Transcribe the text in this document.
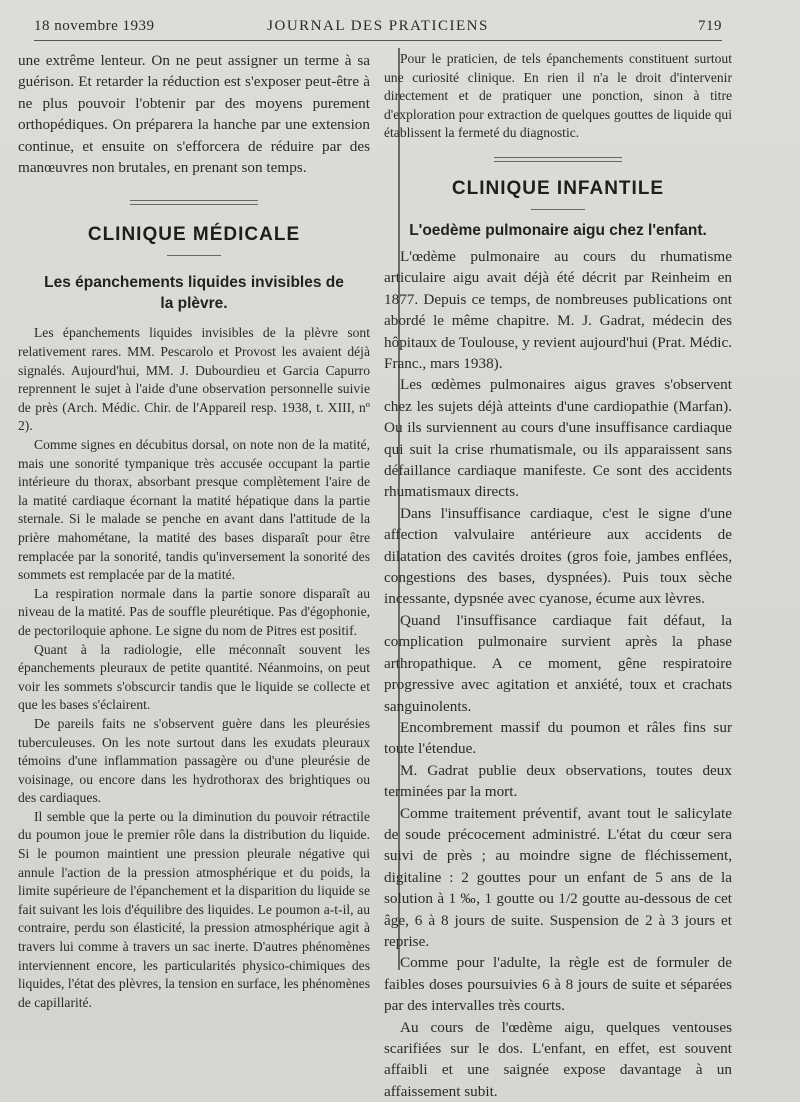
18 novembre 1939	JOURNAL DES PRATICIENS	719

une extrême lenteur. On ne peut assigner un terme à sa guérison. Et retarder la réduction est s'exposer peut-être à ne plus pouvoir l'obtenir par des moyens purement orthopédiques. On préparera la hanche par une extension continue, et ensuite on s'efforcera de réduire par des manœuvres non brutales, en prenant son temps.

CLINIQUE MÉDICALE
Les épanchements liquides invisibles de la plèvre.

Les épanchements liquides invisibles de la plèvre sont relativement rares. MM. Pescarolo et Provost les avaient déjà signalés. Aujourd'hui, MM. J. Dubourdieu et Garcia Capurro reprennent le sujet à l'aide d'une observation personnelle suivie de près (Arch. Médic. Chir. de l'Appareil resp. 1938, t. XIII, nº 2).

Comme signes en décubitus dorsal, on note non de la matité, mais une sonorité tympanique très accusée occupant la partie intérieure du thorax, absorbant presque complètement l'aire de la matité cardiaque écornant la matité hépatique dans la partie sternale. Si le malade se penche en avant dans l'attitude de la prière mahométane, la matité des bases disparaît pour être remplacée par la sonorité, tandis qu'inversement la sonorité des sommets est remplacée par de la matité.

La respiration normale dans la partie sonore disparaît au niveau de la matité. Pas de souffle pleurétique. Pas d'égophonie, de pectoriloquie aphone. Le signe du nom de Pitres est positif.

Quant à la radiologie, elle méconnaît souvent les épanchements pleuraux de petite quantité. Néanmoins, on peut voir les sommets s'obscurcir tandis que le liquide se collecte et que les bases s'éclairent.

De pareils faits ne s'observent guère dans les pleurésies tuberculeuses. On les note surtout dans les exudats pleuraux témoins d'une inflammation passagère ou d'une pleurésie de voisinage, ou encore dans les hydrothorax des brightiques ou des cardiaques.

Il semble que la perte ou la diminution du pouvoir rétractile du poumon joue le premier rôle dans la distribution du liquide. Si le poumon maintient une pression pleurale négative qui annule l'action de la pression atmosphérique et du poids, la limite supérieure de l'épanchement et la disparition du liquide se fait suivant les lois d'équilibre des liquides. Le poumon a-t-il, au contraire, perdu son élasticité, la pression atmosphérique agit à travers lui comme à travers un sac inerte. D'autres phénomènes interviennent encore, les particularités physico-chimiques des liquides, l'état des plèvres, la tension en surface, les phénomènes de capillarité.

Pour le praticien, de tels épanchements constituent surtout une curiosité clinique. En rien il n'a le droit d'intervenir directement et de pratiquer une ponction, sinon à titre d'exploration pour extraction de quelques gouttes de liquide qui établissent la fermeté du diagnostic.

CLINIQUE INFANTILE
L'oedème pulmonaire aigu chez l'enfant.

L'œdème pulmonaire au cours du rhumatisme articulaire aigu avait déjà été décrit par Reinheim en 1877. Depuis ce temps, de nombreuses publications ont abordé le même chapitre. M. J. Gadrat, médecin des hôpitaux de Toulouse, y revient aujourd'hui (Prat. Médic. Franc., mars 1938).

Les œdèmes pulmonaires aigus graves s'observent chez les sujets déjà atteints d'une cardiopathie (Marfan). Ou ils surviennent au cours d'une insuffisance cardiaque qui suit la crise rhumatismale, ou ils apparaissent sans défaillance cardiaque manifeste. Ce sont des accidents rhumatismaux directs.

Dans l'insuffisance cardiaque, c'est le signe d'une affection valvulaire antérieure aux accidents de dilatation des cavités droites (gros foie, jambes enflées, congestions des bases, dyspnées). Puis toux sèche incessante, dypsnée avec cyanose, écume aux lèvres.

Quand l'insuffisance cardiaque fait défaut, la complication pulmonaire survient après la phase arthropathique. A ce moment, gêne respiratoire progressive avec agitation et anxiété, toux et crachats sanguinolents.

Encombrement massif du poumon et râles fins sur toute l'étendue.

M. Gadrat publie deux observations, toutes deux terminées par la mort.

Comme traitement préventif, avant tout le salicylate de soude précocement administré. L'état du cœur sera suivi de près ; au moindre signe de fléchissement, digitaline : 2 gouttes pour un enfant de 5 ans de la solution à 1 ‰, 1 goutte ou 1/2 goutte au-dessous de cet âge, 6 à 8 jours de suite. Suspension de 2 à 3 jours et reprise.

Comme pour l'adulte, la règle est de formuler de faibles doses poursuivies 6 à 8 jours de suite et séparées par des intervalles très courts.

Au cours de l'œdème aigu, quelques ventouses scarifiées sur le dos. L'enfant, en effet, est souvent affaibli et une saignée expose davantage à un affaissement subit.
